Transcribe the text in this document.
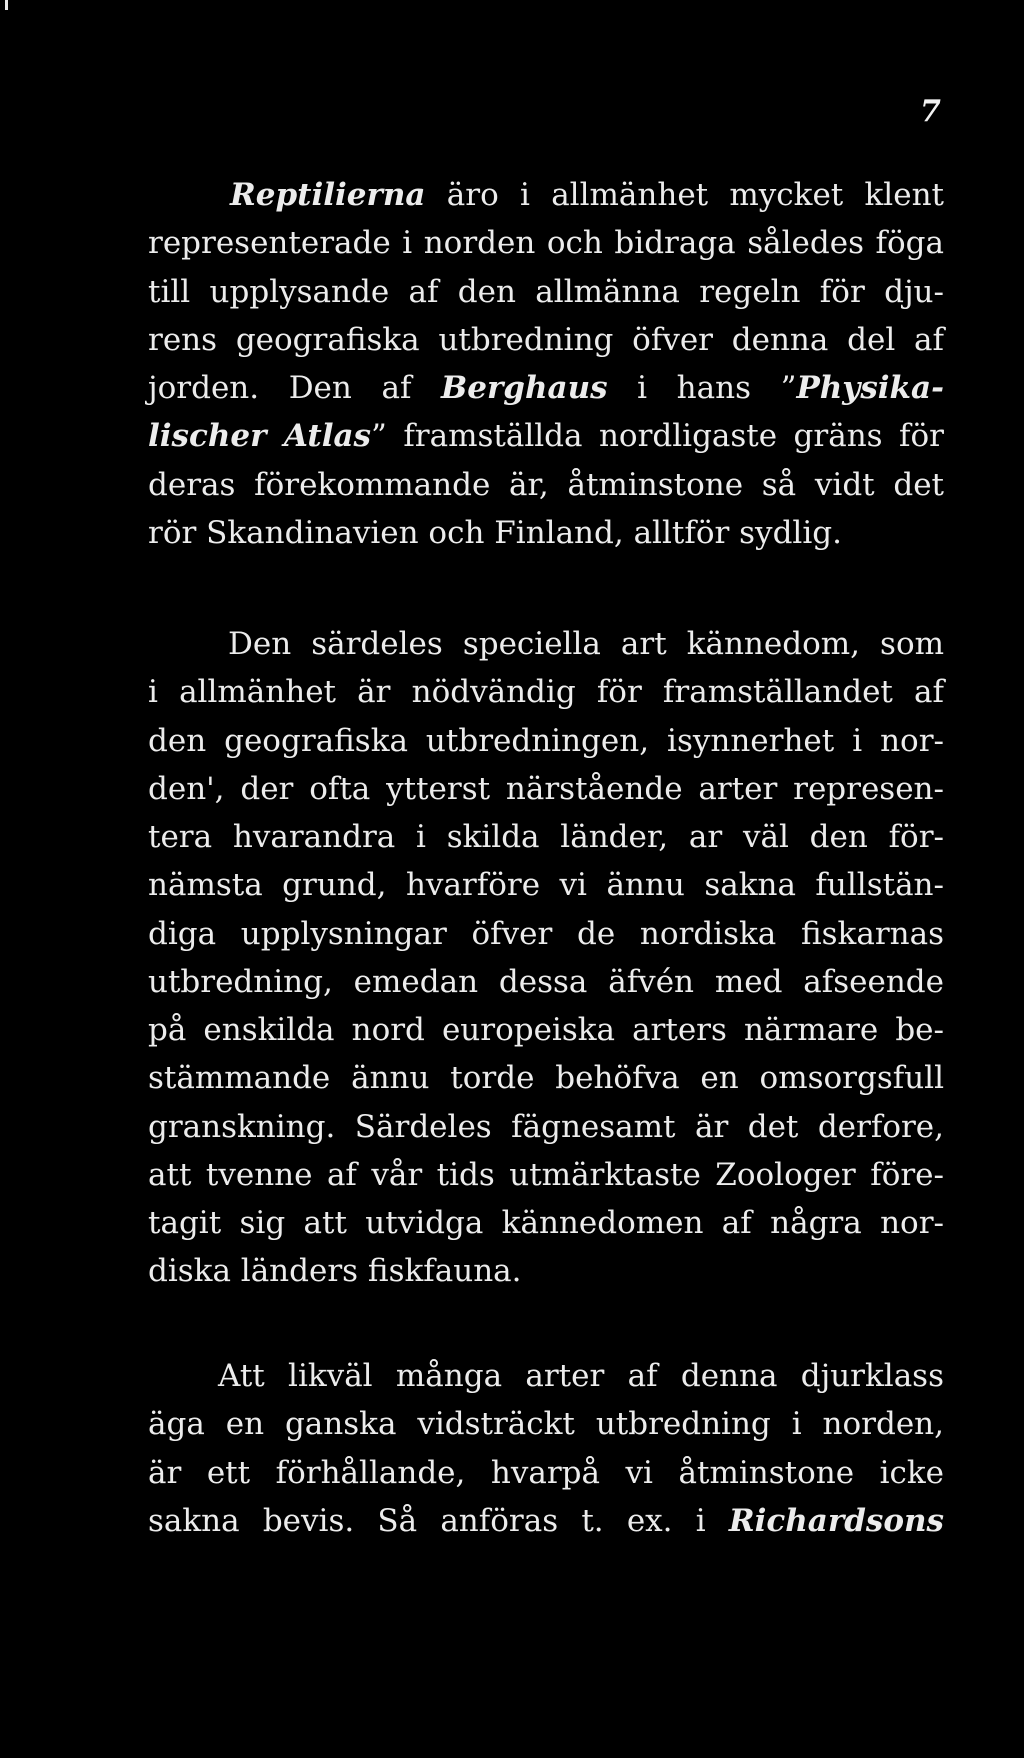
7
Reptilierna äro i allmänhet mycket klent
representerade i norden och bidraga således föga
till upplysande af den allmänna regeln för dju-
rens geografiska utbredning öfver denna del af
jorden. Den af Berghaus i hans ”Physika-
lischer Atlas” framställda nordligaste gräns för
deras förekommande är, åtminstone så vidt det
rör Skandinavien och Finland, alltför sydlig.
Den särdeles speciella art kännedom, som
i allmänhet är nödvändig för framställandet af
den geografiska utbredningen, isynnerhet i nor-
den', der ofta ytterst närstående arter represen-
tera hvarandra i skilda länder, ar väl den för-
nämsta grund, hvarföre vi ännu sakna fullstän-
diga upplysningar öfver de nordiska fiskarnas
utbredning, emedan dessa äfvén med afseende
på enskilda nord europeiska arters närmare be-
stämmande ännu torde behöfva en omsorgsfull
granskning. Särdeles fägnesamt är det derfore,
att tvenne af vår tids utmärktaste Zoologer före-
tagit sig att utvidga kännedomen af några nor-
diska länders fiskfauna.
Att likväl många arter af denna djurklass
äga en ganska vidsträckt utbredning i norden,
är ett förhållande, hvarpå vi åtminstone icke
sakna bevis. Så anföras t. ex. i Richardsons
